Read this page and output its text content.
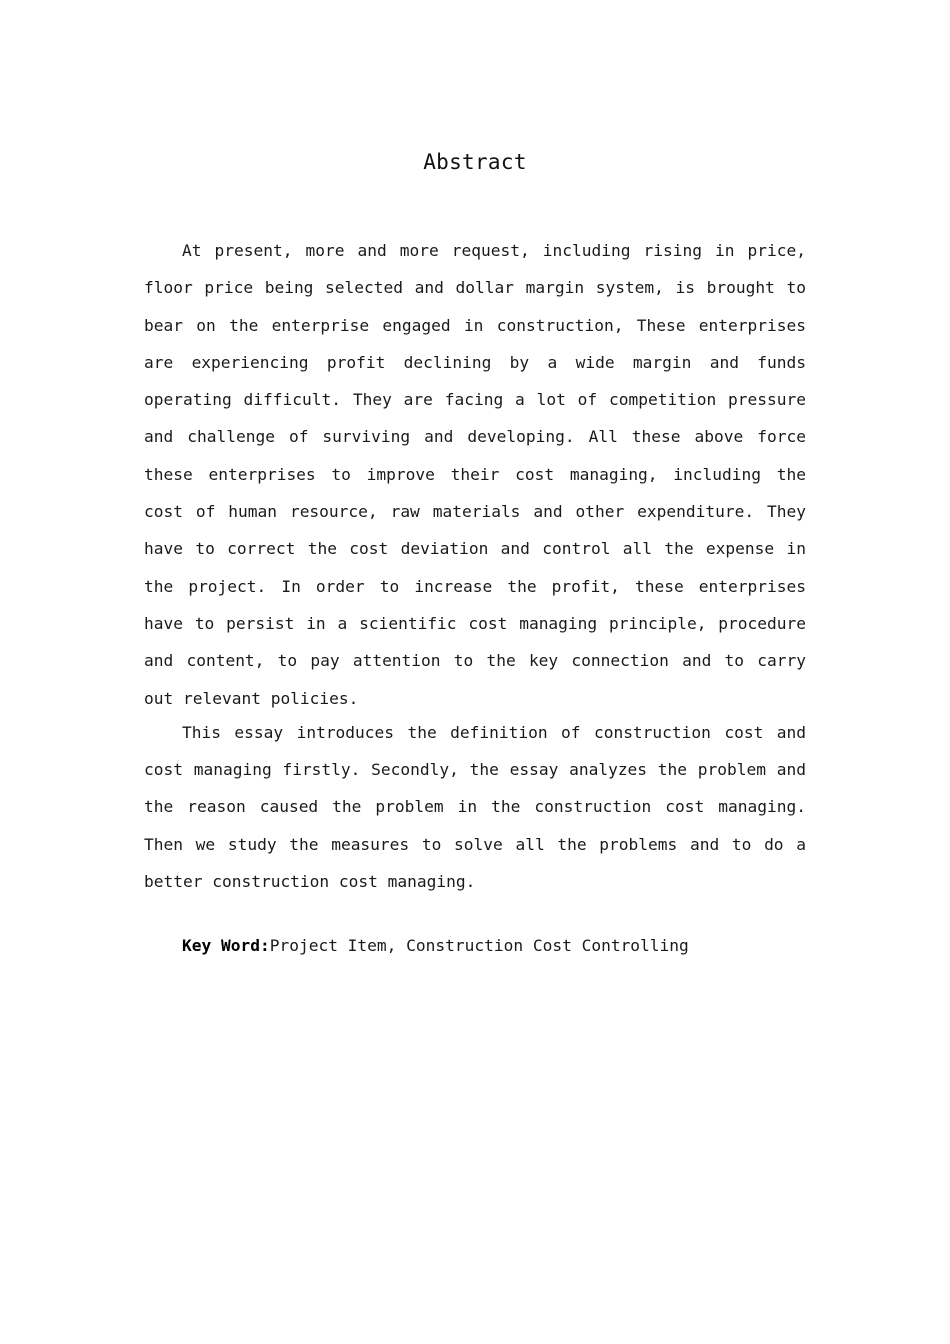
Abstract

At present, more and more request, including rising in price, floor price being selected and dollar margin system, is brought to bear on the enterprise engaged in construction, These enterprises are experiencing profit declining by a wide margin and funds operating difficult. They are facing a lot of competition pressure and challenge of surviving and developing. All these above force these enterprises to improve their cost managing, including the cost of human resource, raw materials and other expenditure. They have to correct the cost deviation and control all the expense in the project. In order to increase the profit, these enterprises have to persist in a scientific cost managing principle, procedure and content, to pay attention to the key connection and to carry out relevant policies.

This essay introduces the definition of construction cost and cost managing firstly. Secondly, the essay analyzes the problem and the reason caused the problem in the construction cost managing. Then we study the measures to solve all the problems and to do a better construction cost managing.

Key Word:Project Item, Construction Cost Controlling
